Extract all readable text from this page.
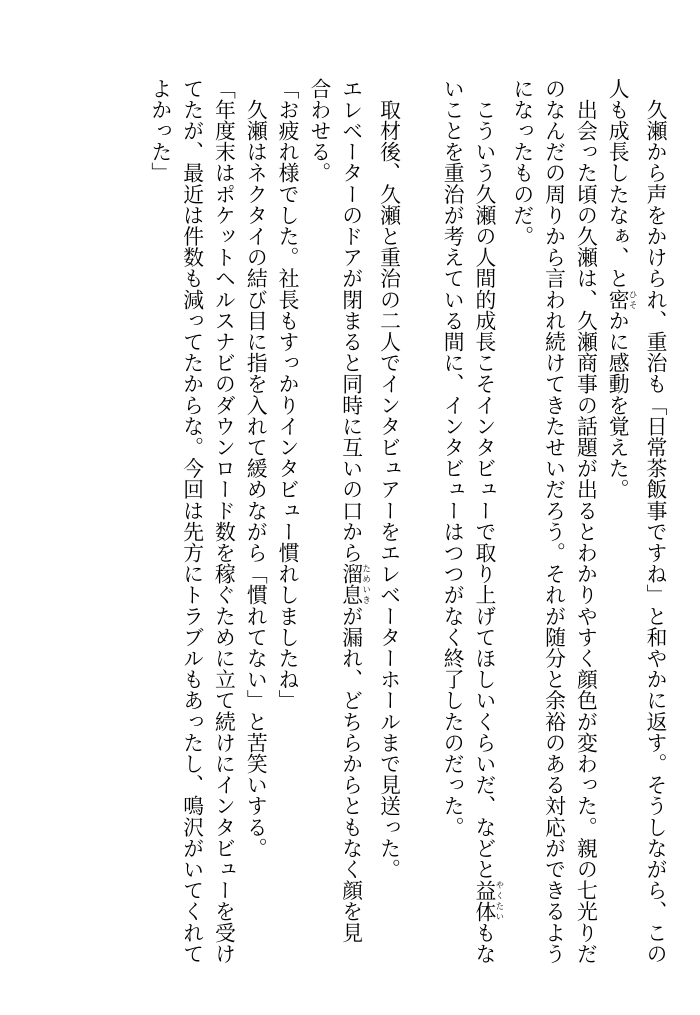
　久瀬から声をかけられ、重治も「日常茶飯事ですね」と和やかに返す。そうしながら、この
人も成長したなぁ、と密 ひそかに感動を覚えた。
　出会った頃の久瀬は、久瀬商事の話題が出るとわかりやすく顔色が変わった。親の七光りだ
のなんだの周りから言われ続けてきたせいだろう。それが随分と余裕のある対応ができるよう
になったものだ。
　こういう久瀬の人間的成長こそインタビューで取り上げてほしいくらいだ、などと益体 やくたいもな
いことを重治が考えている間に、インタビューはつつがなく終了したのだった。

　取材後、久瀬と重治の二人でインタビュアーをエレベーターホールまで見送った。
エレベーターのドアが閉まると同時に互いの口から溜息 ためいきが漏れ、どちらからともなく顔を見
合わせる。
「お疲れ様でした。社長もすっかりインタビュー慣れしましたね」
　久瀬はネクタイの結び目に指を入れて緩めながら「慣れてない」と苦笑いする。
「年度末はポケットヘルスナビのダウンロード数を稼ぐために立て続けにインタビューを受け
てたが、最近は件数も減ってたからな。今回は先方にトラブルもあったし、鳴沢がいてくれて
よかった」
